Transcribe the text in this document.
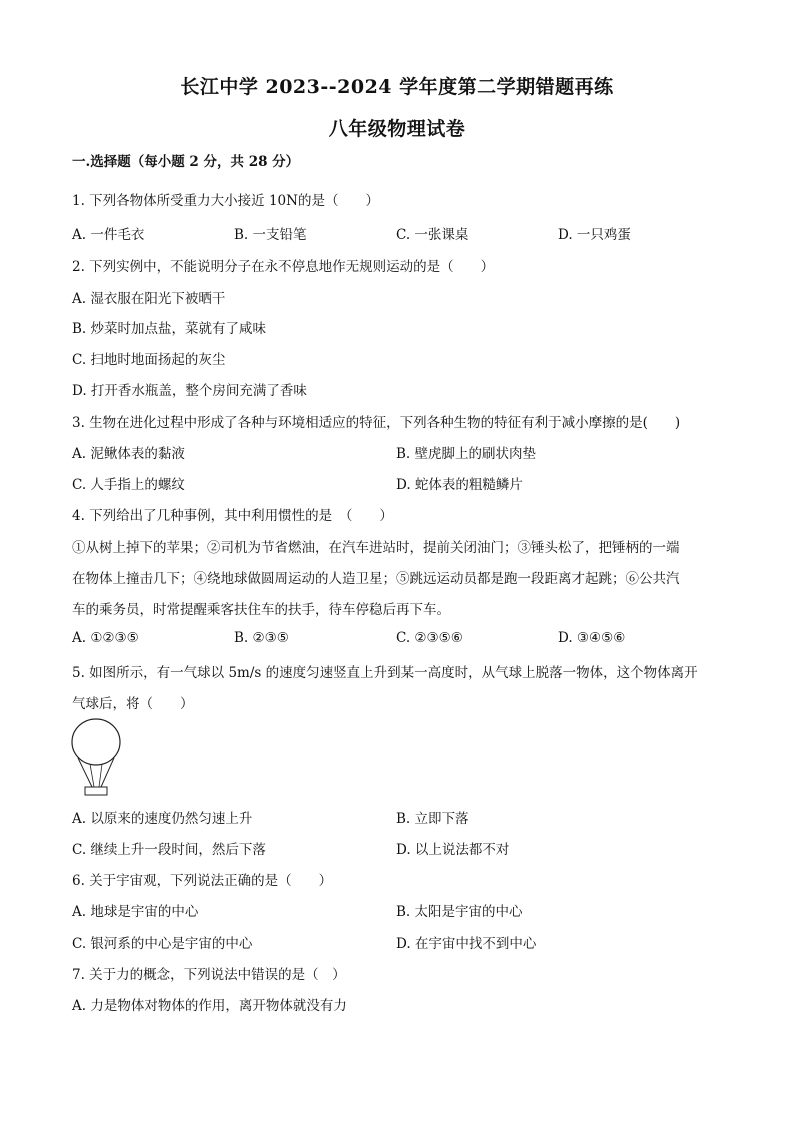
长江中学 2023--2024 学年度第二学期错题再练
八年级物理试卷
一.选择题（每小题 2 分，共 28 分）
1. 下列各物体所受重力大小接近 10N的是（　　）
A. 一件毛衣	B. 一支铅笔	C. 一张课桌	D. 一只鸡蛋
2. 下列实例中，不能说明分子在永不停息地作无规则运动的是（　　）
A. 湿衣服在阳光下被晒干
B. 炒菜时加点盐，菜就有了咸味
C. 扫地时地面扬起的灰尘
D. 打开香水瓶盖，整个房间充满了香味
3. 生物在进化过程中形成了各种与环境相适应的特征，下列各种生物的特征有利于减小摩擦的是(　　)
A. 泥鳅体表的黏液	B. 壁虎脚上的刷状肉垫
C. 人手指上的螺纹	D. 蛇体表的粗糙鳞片
4. 下列给出了几种事例，其中利用惯性的是　（　　）
①从树上掉下的苹果；②司机为节省燃油，在汽车进站时，提前关闭油门；③锤头松了，把锤柄的一端
在物体上撞击几下；④绕地球做圆周运动的人造卫星；⑤跳远运动员都是跑一段距离才起跳；⑥公共汽
车的乘务员，时常提醒乘客扶住车的扶手，待车停稳后再下车。
A. ①②③⑤	B. ②③⑤	C. ②③⑤⑥	D. ③④⑤⑥
5. 如图所示，有一气球以 5m/s 的速度匀速竖直上升到某一高度时，从气球上脱落一物体，这个物体离开
气球后，将（　　）
A. 以原来的速度仍然匀速上升	B. 立即下落
C. 继续上升一段时间，然后下落	D. 以上说法都不对
6. 关于宇宙观，下列说法正确的是（　　）
A. 地球是宇宙的中心	B. 太阳是宇宙的中心
C. 银河系的中心是宇宙的中心	D. 在宇宙中找不到中心
7. 关于力的概念，下列说法中错误的是（　）
A. 力是物体对物体的作用，离开物体就没有力
